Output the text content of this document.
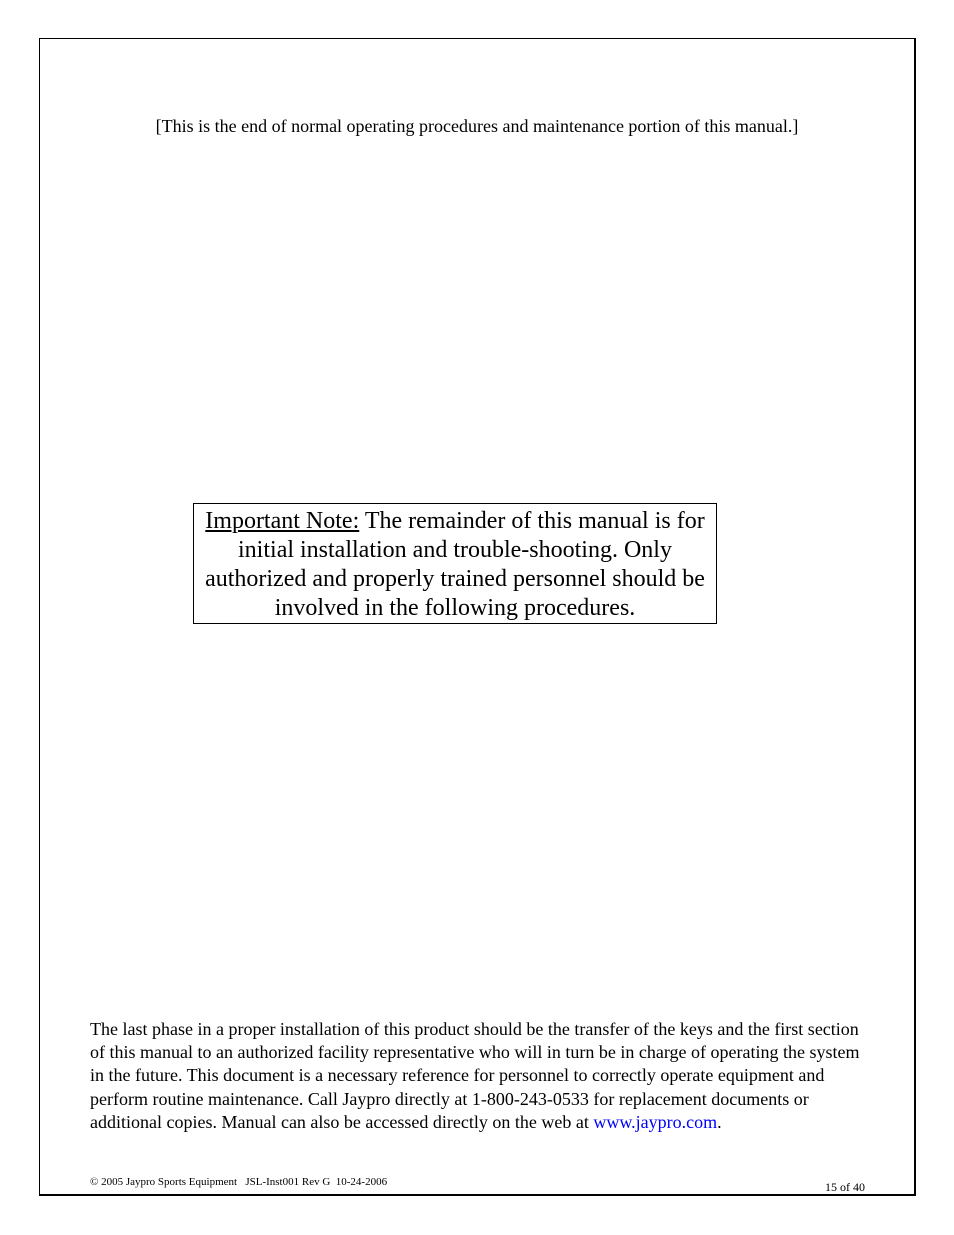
[This is the end of normal operating procedures and maintenance portion of this manual.]
Important Note: The remainder of this manual is for initial installation and trouble-shooting. Only authorized and properly trained personnel should be involved in the following procedures.
The last phase in a proper installation of this product should be the transfer of the keys and the first section of this manual to an authorized facility representative who will in turn be in charge of operating the system in the future. This document is a necessary reference for personnel to correctly operate equipment and perform routine maintenance. Call Jaypro directly at 1-800-243-0533 for replacement documents or additional copies. Manual can also be accessed directly on the web at www.jaypro.com.
© 2005 Jaypro Sports Equipment   JSL-Inst001 Rev G  10-24-2006	15 of 40
